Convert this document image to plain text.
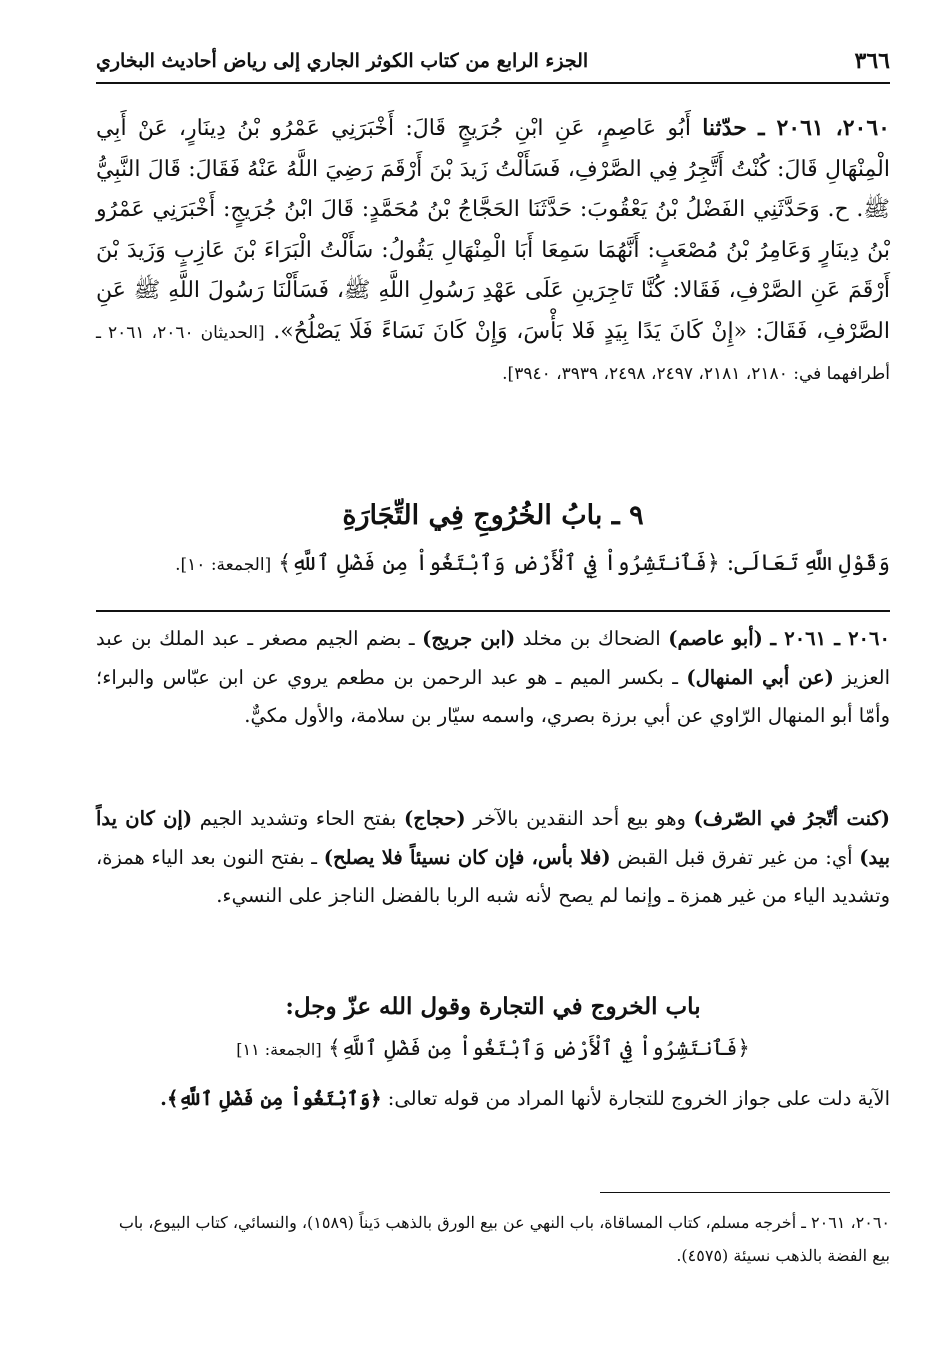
٣٦٦
الجزء الرابع من كتاب الكوثر الجاري إلى رياض أحاديث البخاري
٢٠٦٠، ٢٠٦١ ـ حدّثنا أَبُو عَاصِمٍ، عَنِ ابْنِ جُرَيجٍ قَالَ: أَخْبَرَنِي عَمْرُو بْنُ دِينَارٍ، عَنْ أَبِي الْمِنْهَالِ قَالَ: كُنْتُ أَتَّجِرُ فِي الصَّرْفِ، فَسَأَلْتُ زَيدَ بْنَ أَرْقَمَ رَضِيَ اللَّهُ عَنْهُ فَقَالَ: قَالَ النَّبِيُّ ﷺ. ح. وَحَدَّثَنِي الفَضْلُ بْنُ يَعْقُوبَ: حَدَّثَنَا الحَجَّاجُ بْنُ مُحَمَّدٍ: قَالَ ابْنُ جُرَيجٍ: أَخْبَرَنِي عَمْرُو بْنُ دِينَارٍ وَعَامِرُ بْنُ مُصْعَبٍ: أَنَّهُمَا سَمِعَا أَبَا الْمِنْهَالِ يَقُولُ: سَأَلْتُ الْبَرَاءَ بْنَ عَازِبٍ وَزَيدَ بْنَ أَرْقَمَ عَنِ الصَّرْفِ، فَقَالا: كُنَّا تَاجِرَينِ عَلَى عَهْدِ رَسُولِ اللَّهِ ﷺ، فَسَأَلْنَا رَسُولَ اللَّهِ ﷺ عَنِ الصَّرْفِ، فَقَالَ: «إِنْ كَانَ يَدًا بِيَدٍ فَلا بَأْسَ، وَإِنْ كَانَ نَسَاءً فَلَا يَصْلُحُ». [الحديثان ٢٠٦٠، ٢٠٦١ ـ أطرافهما في: ٢١٨٠، ٢١٨١، ٢٤٩٧، ٢٤٩٨، ٣٩٣٩، ٣٩٤٠].
٩ ـ بابُ الخُرُوجِ فِي التِّجَارَةِ
وَقَوْلِ اللَّهِ تَعَالَى: ﴿فَٱنتَشِرُواْ فِي ٱلْأَرْضِ وَٱبْتَغُواْ مِن فَضْلِ ٱللَّهِ﴾ [الجمعة: ١٠].
٢٠٦٠ ـ ٢٠٦١ ـ (أبو عاصم) الضحاك بن مخلد (ابن جريج) ـ بضم الجيم مصغر ـ عبد الملك بن عبد العزيز (عن أبي المنهال) ـ بكسر الميم ـ هو عبد الرحمن بن مطعم يروي عن ابن عبّاس والبراء؛ وأمّا أبو المنهال الرّاوي عن أبي برزة بصري، واسمه سيّار بن سلامة، والأول مكيٌّ.
(كنت أتّجرُ في الصّرف) وهو بيع أحد النقدين بالآخر (حجاج) بفتح الحاء وتشديد الجيم (إن كان يداً بيد) أي: من غير تفرق قبل القبض (فلا بأس، فإن كان نسيئاً فلا يصلح) ـ بفتح النون بعد الياء همزة، وتشديد الياء من غير همزة ـ وإنما لم يصح لأنه شبه الربا بالفضل الناجز على النسيء.
باب الخروج في التجارة وقول الله عزّ وجل:
﴿فَٱنتَشِرُواْ فِي ٱلْأَرْضِ وَٱبْتَغُواْ مِن فَضْلِ ٱللَّهِ﴾ [الجمعة: ١١]
الآية دلت على جواز الخروج للتجارة لأنها المراد من قوله تعالى: ﴿وَٱبْتَغُواْ مِن فَضْلِ ٱللَّهِ﴾.
٢٠٦٠، ٢٠٦١ ـ أخرجه مسلم، كتاب المساقاة، باب النهي عن بيع الورق بالذهب دَيناً (١٥٨٩)، والنسائي، كتاب البيوع، باب بيع الفضة بالذهب نسيئة (٤٥٧٥).
